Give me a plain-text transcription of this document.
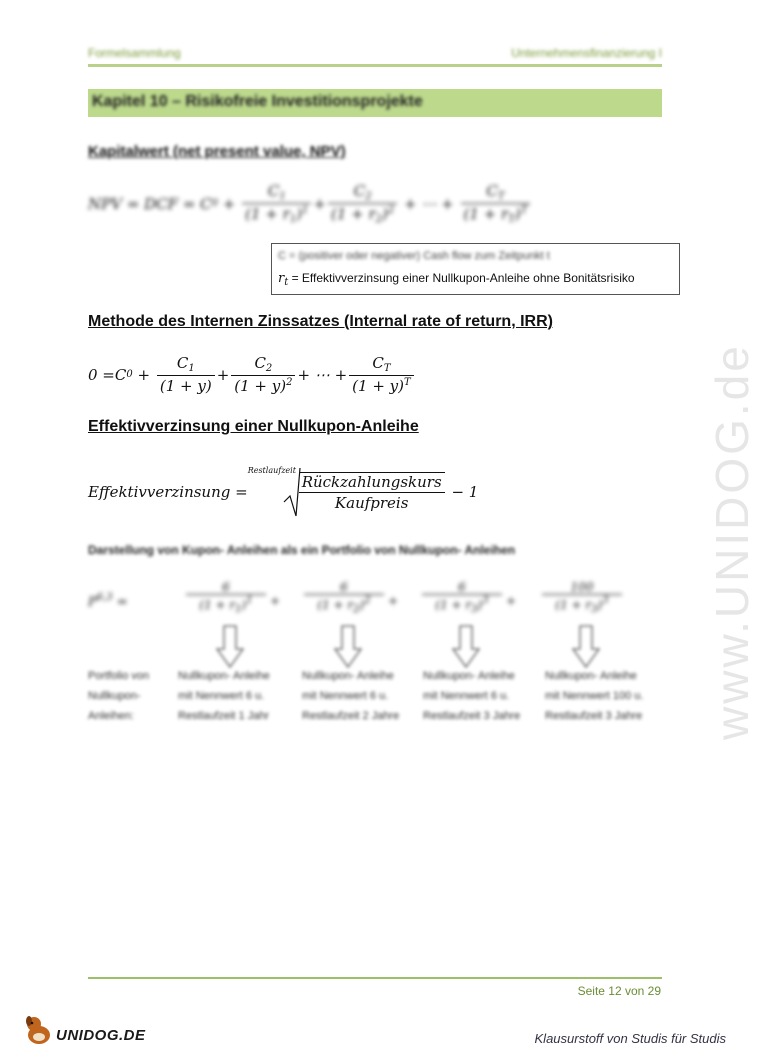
www.UNIDOG.de
Formelsammlung	Unternehmensfinanzierung I
Kapitel 10 – Risikofreie Investitionsprojekte
Kapitalwert (net present value, NPV)
NPV = DCF = C $0 + \frac{C_1}{(1 + r_1)^1} + \frac{C_2}{(1 + r_2)^2}$ + ⋯ + $\frac{C_T}{(1 + r_T)^T}$
C = (positiver oder negativer) Cash flow zum Zeitpunkt t
$r_t$ = Effektivverzinsung einer Nullkupon-Anleihe ohne Bonitätsrisiko
Methode des Internen Zinssatzes (Internal rate of return, IRR)
0 = C $0 + \frac{C_1}{(1 + y)} + \frac{C_2}{(1 + y)^2}$ + ⋯ + $\frac{C_T}{(1 + y)^T}$
Effektivverzinsung einer Nullkupon-Anleihe
Effektivverzinsung =
Restlaufzeit
$\frac{\text{Rückzahlungskurs}}{\text{Kaufpreis}}$
− 1
Darstellung von Kupon- Anleihen als ein Portfolio von Nullkupon- Anleihen
P$^{6,3}$ =
6
$(1 + r_1)^1$	+
6
$(1 + r_2)^2$	+
6
$(1 + r_3)^3$	+
100
$(1 + r_3)^3$
Portfolio von
Nullkupon-
Anleihen:
Nullkupon- Anleihe
mit Nennwert 6 u.
Restlaufzeit 1 Jahr
Nullkupon- Anleihe
mit Nennwert 6 u.
Restlaufzeit 2 Jahre
Nullkupon- Anleihe
mit Nennwert 6 u.
Restlaufzeit 3 Jahre
Nullkupon- Anleihe
mit Nennwert 100 u.
Restlaufzeit 3 Jahre
Seite 12 von 29
UNIDOG.DE	Klausurstoff von Studis für Studis
